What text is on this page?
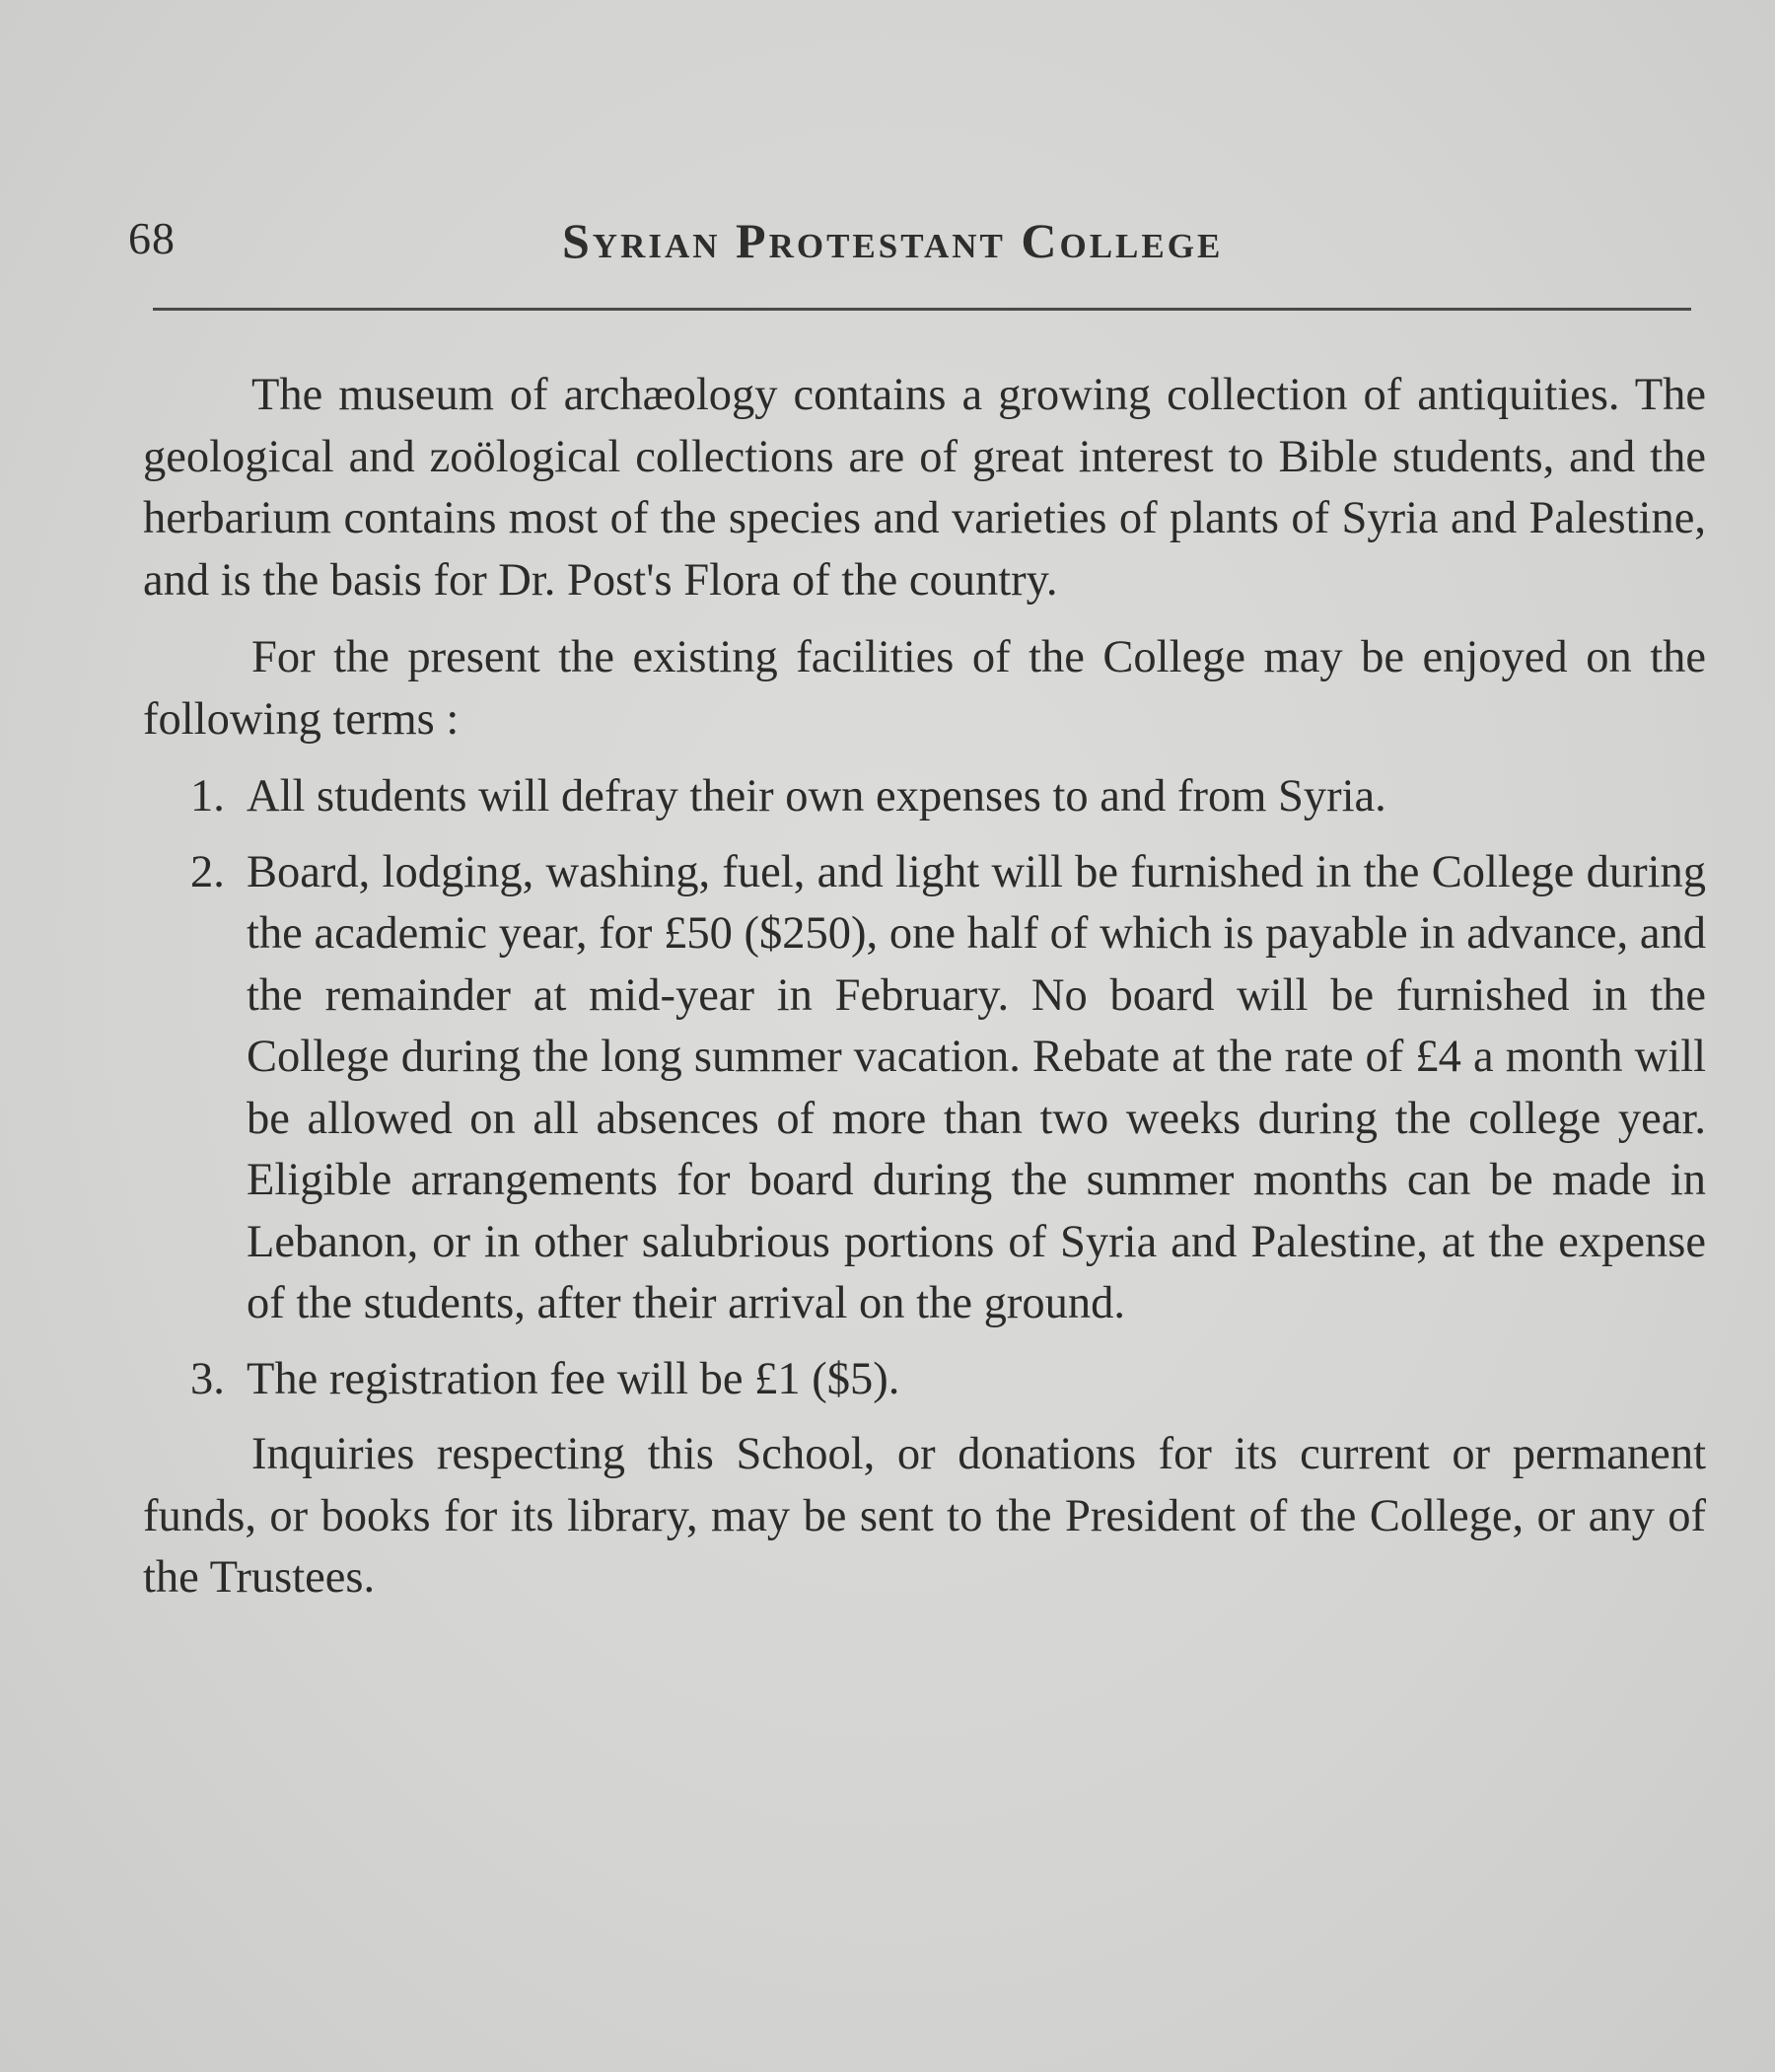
68	Syrian Protestant College

The museum of archæology contains a growing collection of antiquities. The geological and zoölogical collections are of great interest to Bible students, and the herbarium contains most of the species and varieties of plants of Syria and Palestine, and is the basis for Dr. Post's Flora of the country.

For the present the existing facilities of the College may be enjoyed on the following terms :

1. All students will defray their own expenses to and from Syria.
2. Board, lodging, washing, fuel, and light will be furnished in the College during the academic year, for £50 ($250), one half of which is payable in advance, and the remainder at mid-year in February. No board will be furnished in the College during the long summer vacation. Rebate at the rate of £4 a month will be allowed on all absences of more than two weeks during the college year. Eligible arrangements for board during the summer months can be made in Lebanon, or in other salubrious portions of Syria and Palestine, at the expense of the students, after their arrival on the ground.
3. The registration fee will be £1 ($5).

Inquiries respecting this School, or donations for its current or permanent funds, or books for its library, may be sent to the President of the College, or any of the Trustees.
